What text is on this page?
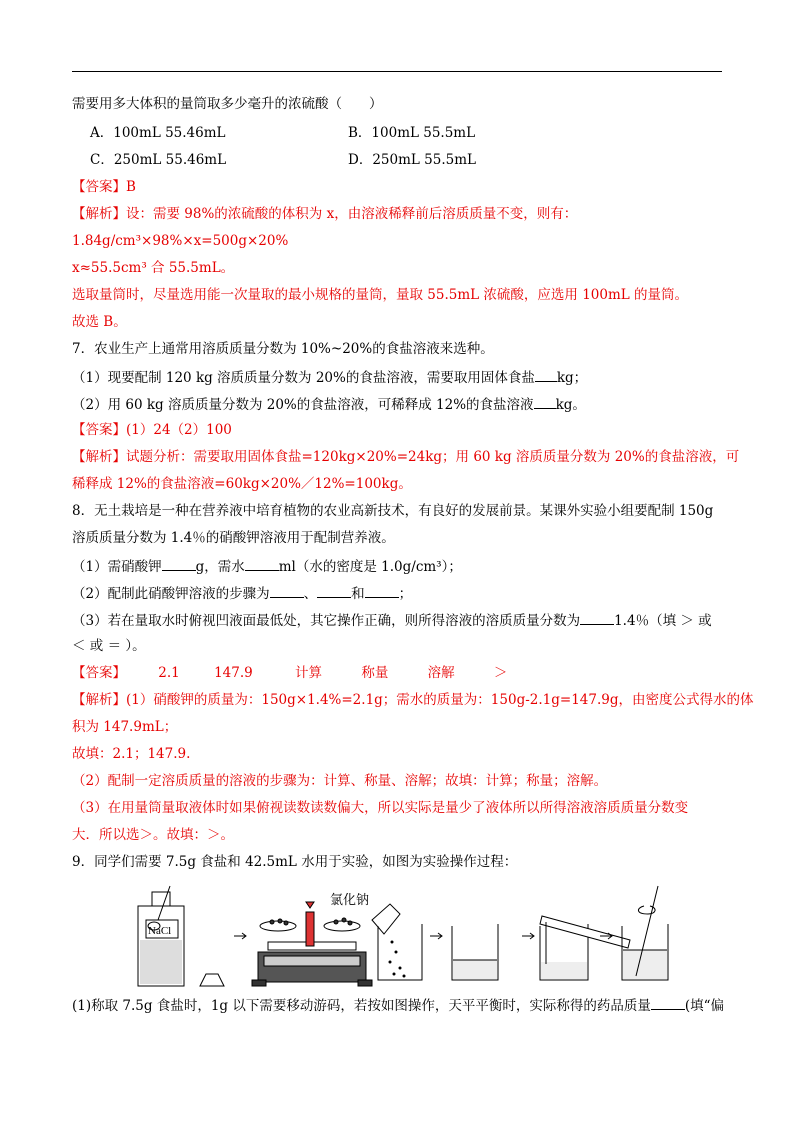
需要用多大体积的量筒取多少毫升的浓硫酸（　　）
A．100mL 55.46mL	B．100mL 55.5mL
C．250mL 55.46mL	D．250mL 55.5mL
【答案】B
【解析】设：需要 98%的浓硫酸的体积为 x，由溶液稀释前后溶质质量不变，则有：
1.84g/cm³×98%×x=500g×20%
x≈55.5cm³ 合 55.5mL。
选取量筒时，尽量选用能一次量取的最小规格的量筒，量取 55.5mL 浓硫酸，应选用 100mL 的量筒。
故选 B。
7．农业生产上通常用溶质质量分数为 10%~20%的食盐溶液来选种。
（1）现要配制 120 kg 溶质质量分数为 20%的食盐溶液，需要取用固体食盐 kg；
（2）用 60 kg 溶质质量分数为 20%的食盐溶液，可稀释成 12%的食盐溶液 kg。
【答案】(1）24（2）100
【解析】试题分析：需要取用固体食盐=120kg×20%=24kg；用 60 kg 溶质质量分数为 20%的食盐溶液，可
稀释成 12%的食盐溶液=60kg×20%／12%=100kg。
8．无土栽培是一种在营养液中培育植物的农业高新技术，有良好的发展前景。某课外实验小组要配制 150g
溶质质量分数为 1.4％的硝酸钾溶液用于配制营养液。
（1）需硝酸钾	g，需水	ml（水的密度是 1.0g/cm³）；
（2）配制此硝酸钾溶液的步骤为	、	和	；
（3）若在量取水时俯视凹液面最低处，其它操作正确，则所得溶液的溶质质量分数为	1.4％（填 ＞ 或
＜ 或 ＝ ）。
【答案】 2.1	147.9	计算	称量	溶解	＞
【解析】(1）硝酸钾的质量为：150g×1.4%=2.1g；需水的质量为：150g-2.1g=147.9g，由密度公式得水的体
积为 147.9mL；
故填：2.1；147.9.
（2）配制一定溶质质量的溶液的步骤为：计算、称量、溶解；故填：计算；称量；溶解。
（3）在用量筒量取液体时如果俯视读数读数偏大，所以实际是量少了液体所以所得溶液溶质质量分数变
大．所以选＞。故填：＞。
9．同学们需要 7.5g 食盐和 42.5mL 水用于实验，如图为实验操作过程：
NaCl
氯化钠
(1)称取 7.5g 食盐时，1g 以下需要移动游码，若按如图操作，天平平衡时，实际称得的药品质量	(填“偏
